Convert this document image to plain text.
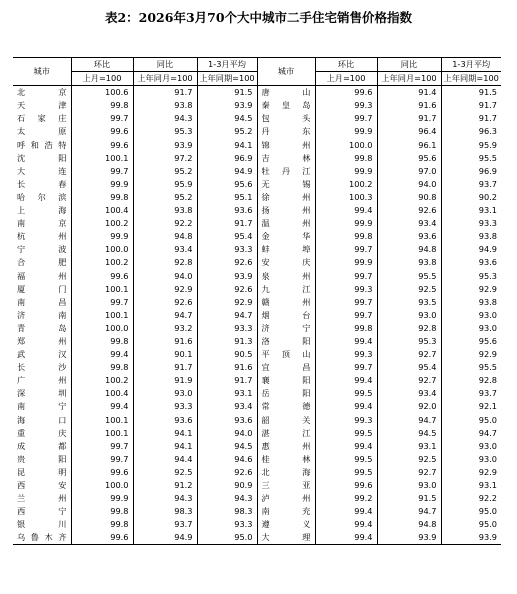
表2：2026年3月70个大中城市二手住宅销售价格指数
城市	环比	同比	1-3月平均	城市	环比	同比	1-3月平均
	上月=100	上年同月=100	上年同期=100		上月=100	上年同月=100	上年同期=100
北京	100.6	91.7	91.5	唐山	99.6	91.4	91.5
天津	99.8	93.8	93.9	秦皇岛	99.3	91.6	91.7
石家庄	99.7	94.3	94.5	包头	99.7	91.7	91.7
太原	99.6	95.3	95.2	丹东	99.9	96.4	96.3
呼和浩特	99.6	93.9	94.1	锦州	100.0	96.1	95.9
沈阳	100.1	97.2	96.9	吉林	99.8	95.6	95.5
大连	99.7	95.2	94.9	牡丹江	99.9	97.0	96.9
长春	99.9	95.9	95.6	无锡	100.2	94.0	93.7
哈尔滨	99.8	95.2	95.1	徐州	100.3	90.8	90.2
上海	100.4	93.8	93.6	扬州	99.4	92.6	93.1
南京	100.2	92.2	91.7	温州	99.9	93.4	93.3
杭州	99.9	94.8	95.4	金华	99.8	93.6	93.8
宁波	100.0	93.4	93.3	蚌埠	99.7	94.8	94.9
合肥	100.2	92.8	92.6	安庆	99.9	93.8	93.6
福州	99.6	94.0	93.9	泉州	99.7	95.5	95.3
厦门	100.1	92.9	92.6	九江	99.3	92.5	92.9
南昌	99.7	92.6	92.9	赣州	99.7	93.5	93.8
济南	100.1	94.7	94.7	烟台	99.7	93.0	93.0
青岛	100.0	93.2	93.3	济宁	99.8	92.8	93.0
郑州	99.8	91.6	91.3	洛阳	99.4	95.3	95.6
武汉	99.4	90.1	90.5	平顶山	99.3	92.7	92.9
长沙	99.8	91.7	91.6	宜昌	99.7	95.4	95.5
广州	100.2	91.9	91.7	襄阳	99.4	92.7	92.8
深圳	100.4	93.0	93.1	岳阳	99.5	93.4	93.7
南宁	99.4	93.3	93.4	常德	99.4	92.0	92.1
海口	100.1	93.6	93.6	韶关	99.3	94.7	95.0
重庆	100.1	94.1	94.0	湛江	99.5	94.5	94.7
成都	99.7	94.1	94.5	惠州	99.4	93.1	93.0
贵阳	99.7	94.4	94.6	桂林	99.5	92.5	93.0
昆明	99.6	92.5	92.6	北海	99.5	92.7	92.9
西安	100.0	91.2	90.9	三亚	99.6	93.0	93.1
兰州	99.9	94.3	94.3	泸州	99.2	91.5	92.2
西宁	99.8	98.3	98.3	南充	99.4	94.7	95.0
银川	99.8	93.7	93.3	遵义	99.4	94.8	95.0
乌鲁木齐	99.6	94.9	95.0	大理	99.4	93.9	93.9
